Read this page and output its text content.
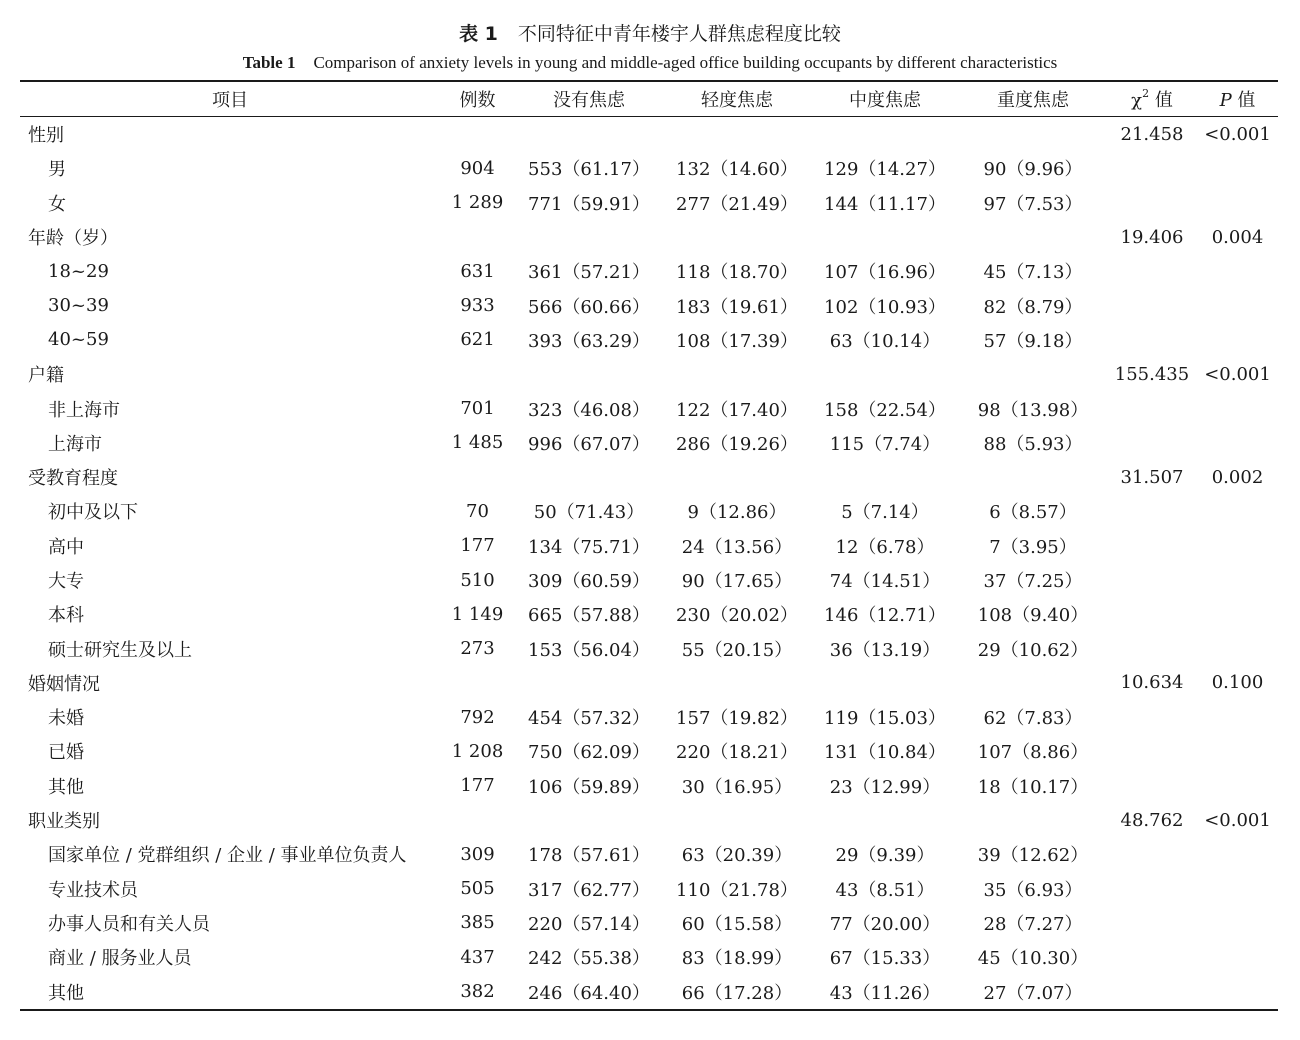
表 1 不同特征中青年楼宇人群焦虑程度比较
Table 1 Comparison of anxiety levels in young and middle-aged office building occupants by different characteristics
项目	例数	没有焦虑	轻度焦虑	中度焦虑	重度焦虑	$\chi^2$ 值	P 值
性别						21.458	<0.001
男	904	553（61.17）	132（14.60）	129（14.27）	90（9.96）		
女	1 289	771（59.91）	277（21.49）	144（11.17）	97（7.53）		
年龄（岁）						19.406	0.004
18~29	631	361（57.21）	118（18.70）	107（16.96）	45（7.13）		
30~39	933	566（60.66）	183（19.61）	102（10.93）	82（8.79）		
40~59	621	393（63.29）	108（17.39）	63（10.14）	57（9.18）		
户籍						155.435	<0.001
非上海市	701	323（46.08）	122（17.40）	158（22.54）	98（13.98）		
上海市	1 485	996（67.07）	286（19.26）	115（7.74）	88（5.93）		
受教育程度						31.507	0.002
初中及以下	70	50（71.43）	9（12.86）	5（7.14）	6（8.57）		
高中	177	134（75.71）	24（13.56）	12（6.78）	7（3.95）		
大专	510	309（60.59）	90（17.65）	74（14.51）	37（7.25）		
本科	1 149	665（57.88）	230（20.02）	146（12.71）	108（9.40）		
硕士研究生及以上	273	153（56.04）	55（20.15）	36（13.19）	29（10.62）		
婚姻情况						10.634	0.100
未婚	792	454（57.32）	157（19.82）	119（15.03）	62（7.83）		
已婚	1 208	750（62.09）	220（18.21）	131（10.84）	107（8.86）		
其他	177	106（59.89）	30（16.95）	23（12.99）	18（10.17）		
职业类别						48.762	<0.001
国家单位 / 党群组织 / 企业 / 事业单位负责人	309	178（57.61）	63（20.39）	29（9.39）	39（12.62）		
专业技术员	505	317（62.77）	110（21.78）	43（8.51）	35（6.93）		
办事人员和有关人员	385	220（57.14）	60（15.58）	77（20.00）	28（7.27）		
商业 / 服务业人员	437	242（55.38）	83（18.99）	67（15.33）	45（10.30）		
其他	382	246（64.40）	66（17.28）	43（11.26）	27（7.07）		
